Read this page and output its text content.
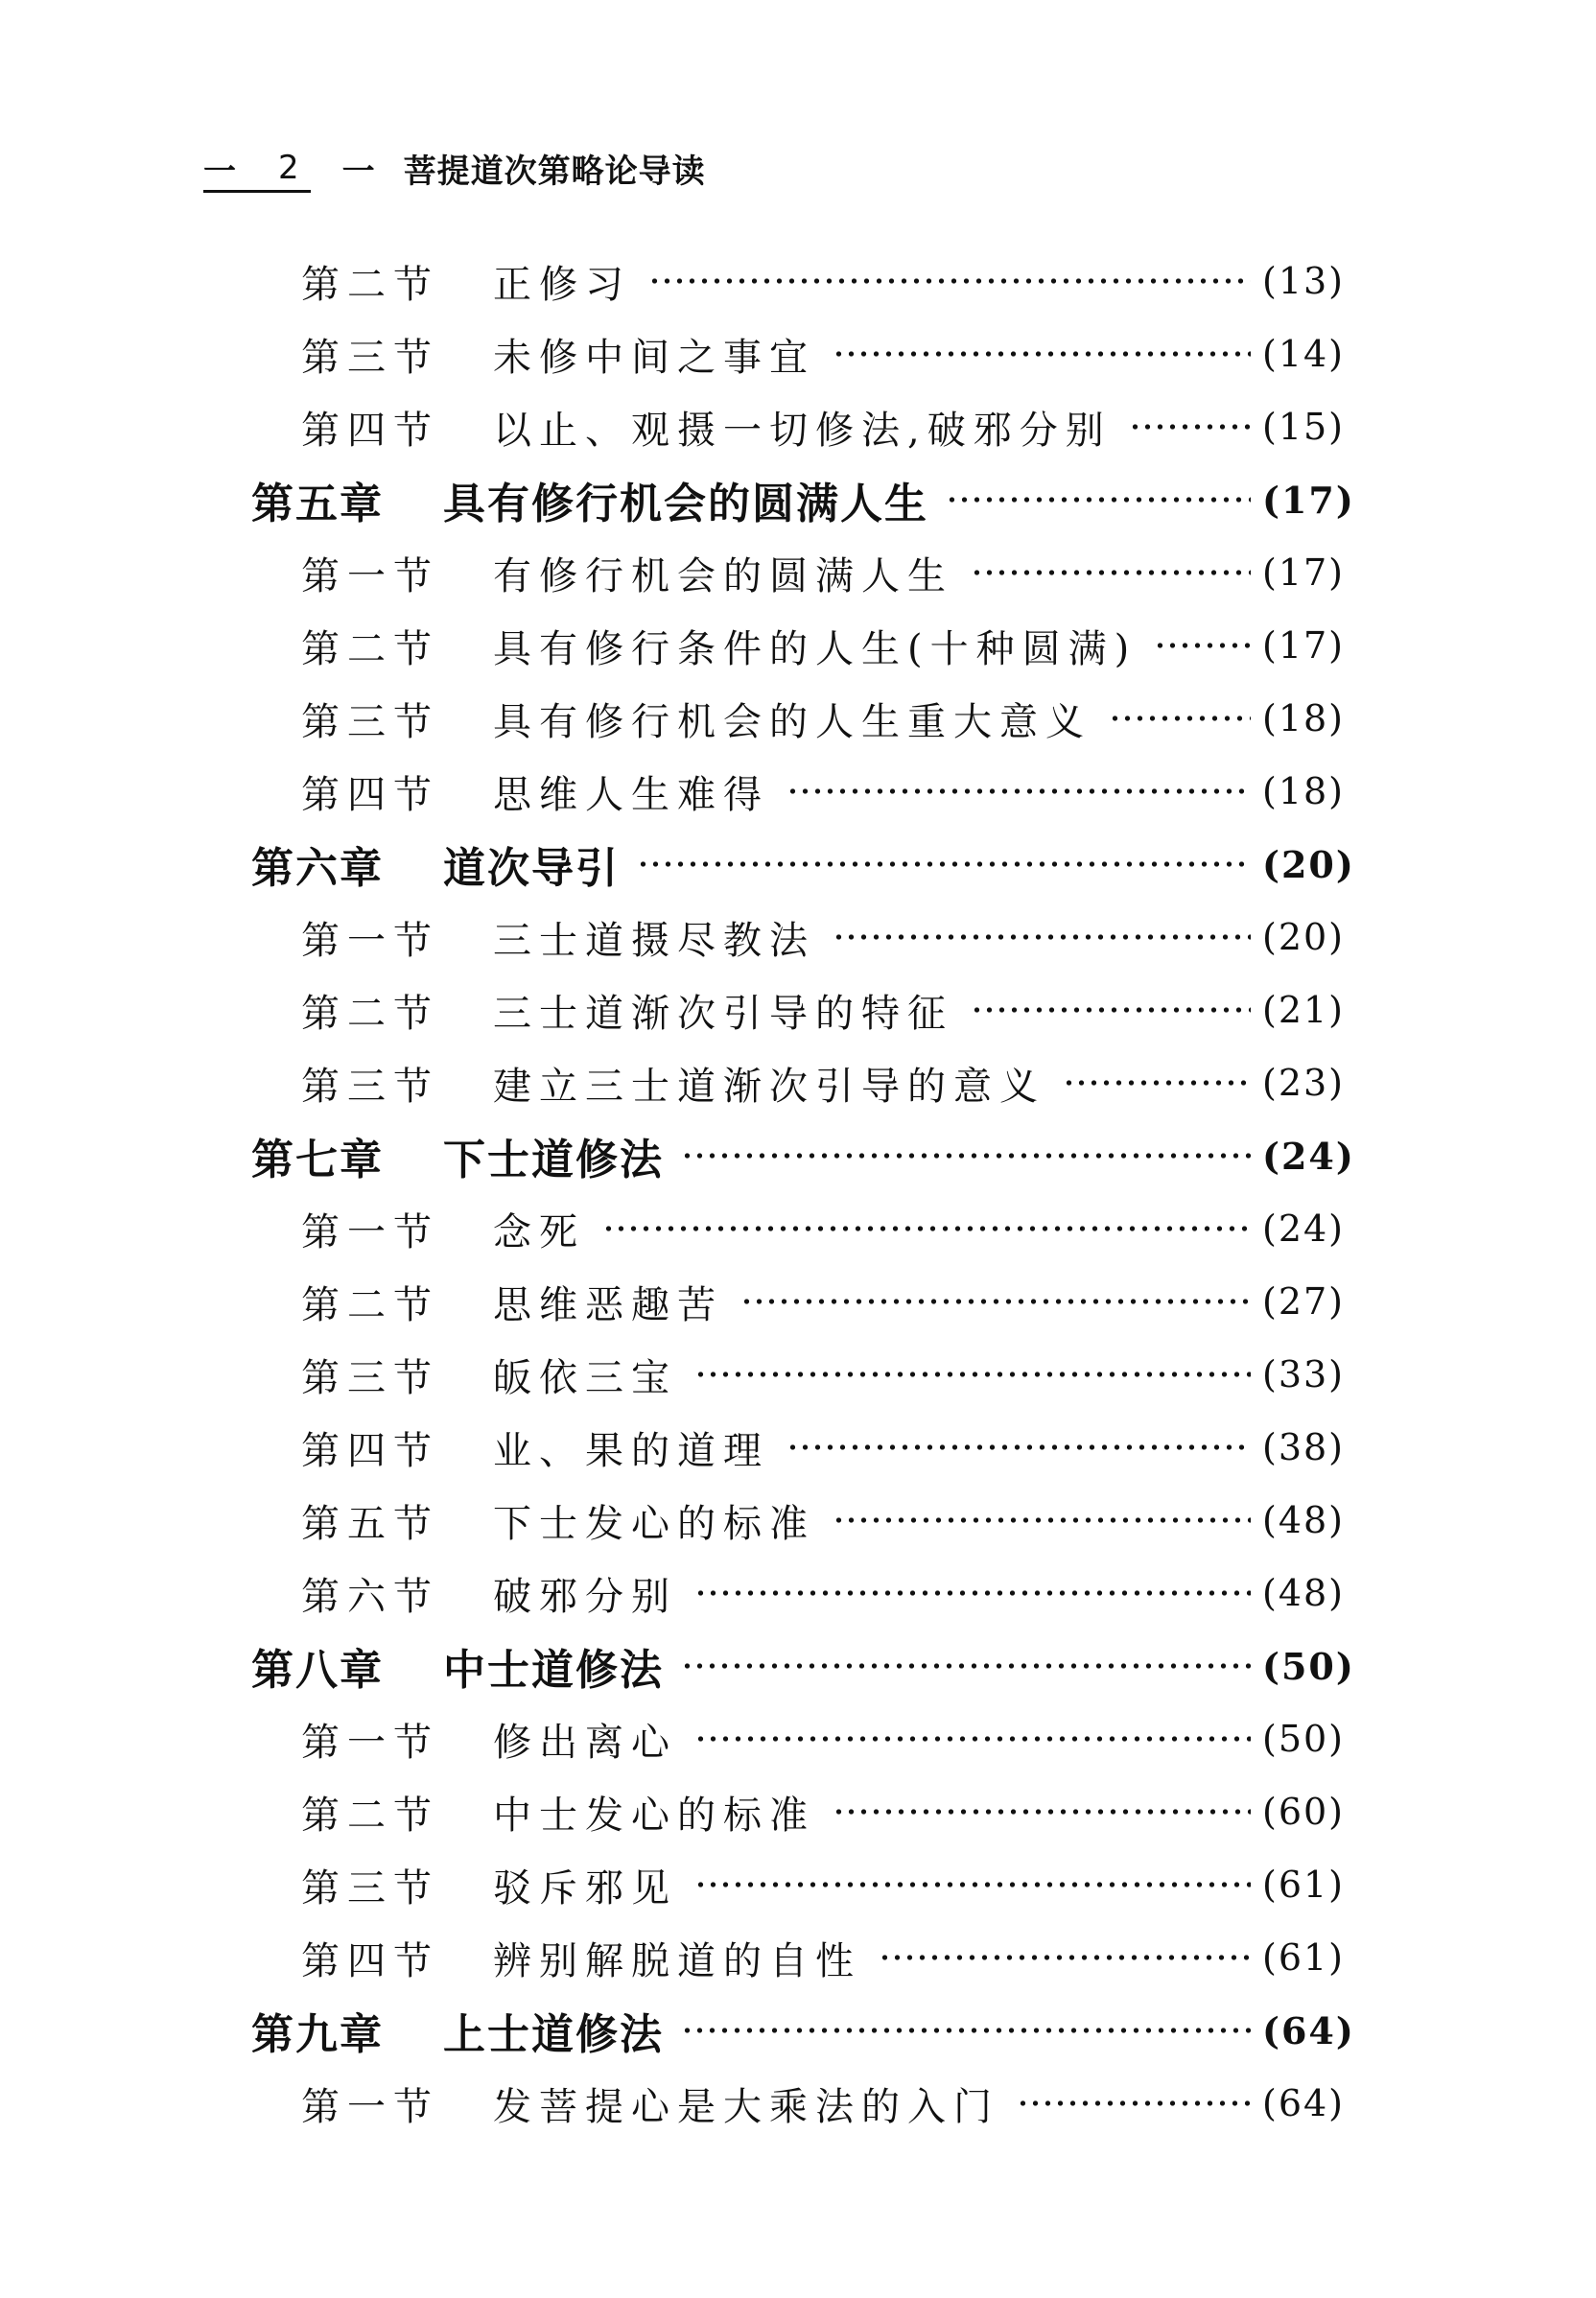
一 2 一 菩提道次第略论导读
第二节	正修习	(13)
第三节	未修中间之事宜	(14)
第四节	以止、观摄一切修法,破邪分别	(15)
第五章	具有修行机会的圆满人生	(17)
第一节	有修行机会的圆满人生	(17)
第二节	具有修行条件的人生(十种圆满)	(17)
第三节	具有修行机会的人生重大意义	(18)
第四节	思维人生难得	(18)
第六章	道次导引	(20)
第一节	三士道摄尽教法	(20)
第二节	三士道渐次引导的特征	(21)
第三节	建立三士道渐次引导的意义	(23)
第七章	下士道修法	(24)
第一节	念死	(24)
第二节	思维恶趣苦	(27)
第三节	皈依三宝	(33)
第四节	业、果的道理	(38)
第五节	下士发心的标准	(48)
第六节	破邪分别	(48)
第八章	中士道修法	(50)
第一节	修出离心	(50)
第二节	中士发心的标准	(60)
第三节	驳斥邪见	(61)
第四节	辨别解脱道的自性	(61)
第九章	上士道修法	(64)
第一节	发菩提心是大乘法的入门	(64)
